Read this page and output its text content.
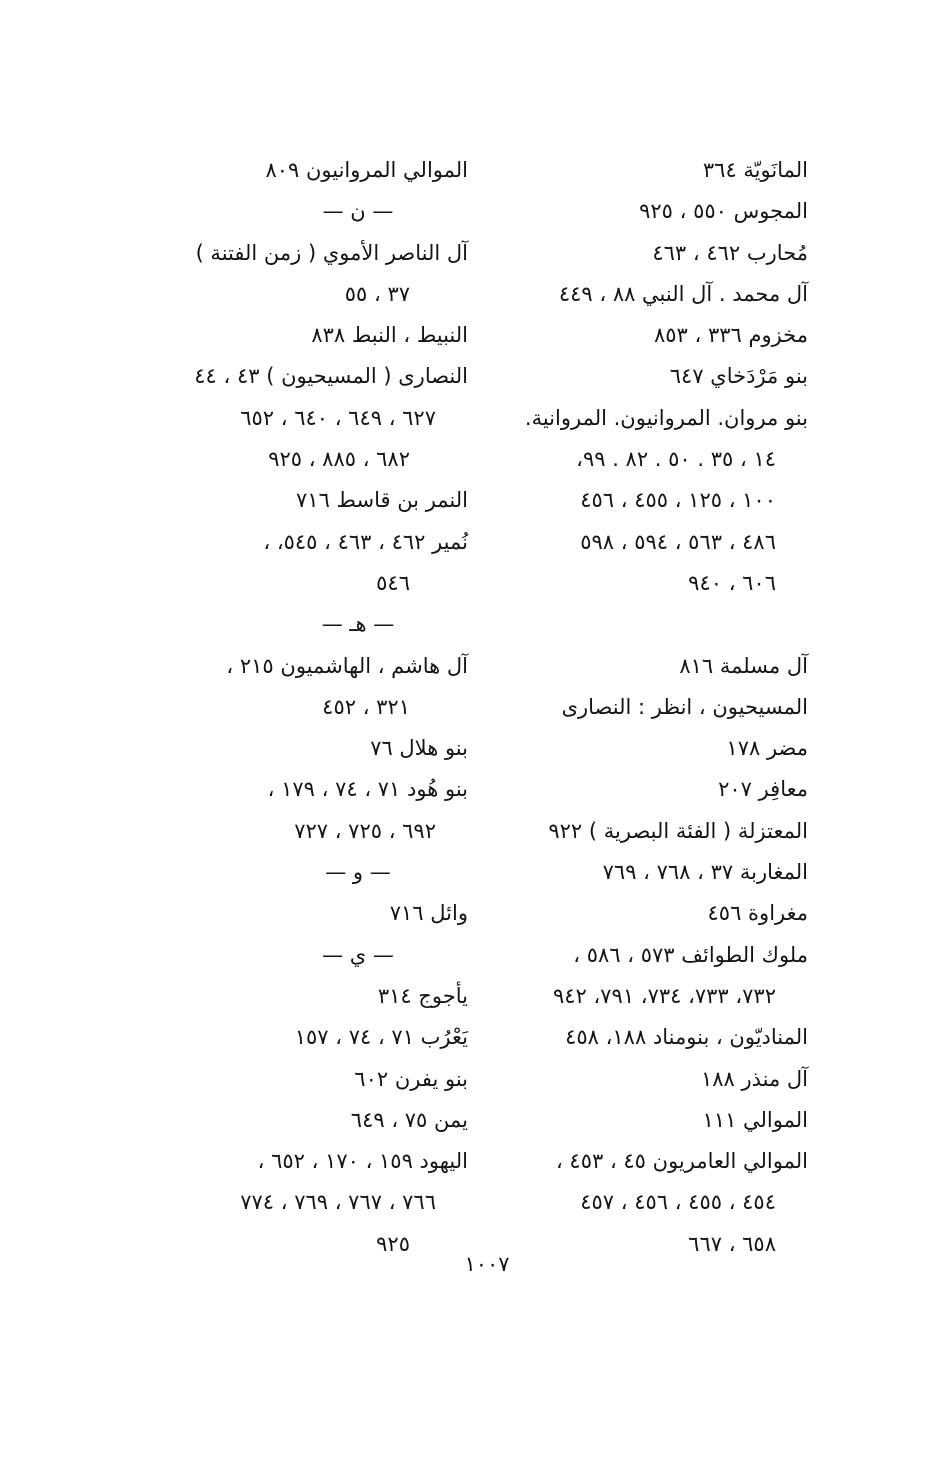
المانَويّة ٣٦٤
المجوس ٥٥٠ ، ٩٢٥
مُحارب ٤٦٢ ، ٤٦٣
آل محمد . آل النبي ٨٨ ، ٤٤٩
مخزوم ٣٣٦ ، ٨٥٣
بنو مَرْدَخاي ٦٤٧
بنو مروان. المروانيون. المروانية.
١٤ ، ٣٥ . ٥٠ . ٨٢ . ٩٩،
١٠٠ ، ١٢٥ ، ٤٥٥ ، ٤٥٦
٤٨٦ ، ٥٦٣ ، ٥٩٤ ، ٥٩٨
٦٠٦ ، ٩٤٠
آل مسلمة ٨١٦
المسيحيون ، انظر : النصارى
مضر ١٧٨
معافِر ٢٠٧
المعتزلة ( الفئة البصرية ) ٩٢٢
المغاربة ٣٧ ، ٧٦٨ ، ٧٦٩
مغراوة ٤٥٦
ملوك الطوائف ٥٧٣ ، ٥٨٦ ،
٧٣٢، ٧٣٣، ٧٣٤، ٧٩١، ٩٤٢
المناديّون ، بنومناد ١٨٨، ٤٥٨
آل منذر ١٨٨
الموالي ١١١
الموالي العامريون ٤٥ ، ٤٥٣ ،
٤٥٤ ، ٤٥٥ ، ٤٥٦ ، ٤٥٧
٦٥٨ ، ٦٦٧
الموالي المروانيون ٨٠٩
— ن —
آل الناصر الأموي ( زمن الفتنة )
٣٧ ، ٥٥
النبيط ، النبط ٨٣٨
النصارى ( المسيحيون ) ٤٣ ، ٤٤
٦٢٧ ، ٦٤٩ ، ٦٤٠ ، ٦٥٢
٦٨٢ ، ٨٨٥ ، ٩٢٥
النمر بن قاسط ٧١٦
نُمير ٤٦٢ ، ٤٦٣ ، ٥٤٥، ،
٥٤٦
— هـ —
آل هاشم ، الهاشميون ٢١٥ ،
٣٢١ ، ٤٥٢
بنو هلال ٧٦
بنو هُود ٧١ ، ٧٤ ، ١٧٩ ،
٦٩٢ ، ٧٢٥ ، ٧٢٧
— و —
وائل ٧١٦
— ي —
يأجوج ٣١٤
يَعْرُب ٧١ ، ٧٤ ، ١٥٧
بنو يفرن ٦٠٢
يمن ٧٥ ، ٦٤٩
اليهود ١٥٩ ، ١٧٠ ، ٦٥٢ ،
٧٦٦ ، ٧٦٧ ، ٧٦٩ ، ٧٧٤
٩٢٥
١٠٠٧
